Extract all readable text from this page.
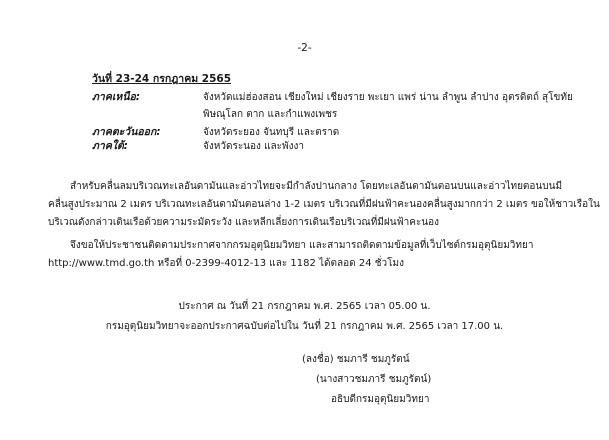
-2-
วันที่ 23-24 กรกฎาคม 2565
ภาคเหนือ:	จังหวัดแม่ฮ่องสอน เชียงใหม่ เชียงราย พะเยา แพร่ น่าน ลำพูน ลำปาง อุตรดิตถ์ สุโขทัย
พิษณุโลก ตาก และกำแพงเพชร
ภาคตะวันออก:	จังหวัดระยอง จันทบุรี และตราด
ภาคใต้:	จังหวัดระนอง และพังงา
สำหรับคลื่นลมบริเวณทะเลอันดามันและอ่าวไทยจะมีกำลังปานกลาง โดยทะเลอันดามันตอนบนและอ่าวไทยตอนบนมี
คลื่นสูงประมาณ 2 เมตร บริเวณทะเลอันดามันตอนล่าง 1-2 เมตร บริเวณที่มีฝนฟ้าคะนองคลื่นสูงมากกว่า 2 เมตร ขอให้ชาวเรือใน
บริเวณดังกล่าวเดินเรือด้วยความระมัดระวัง และหลีกเลี่ยงการเดินเรือบริเวณที่มีฝนฟ้าคะนอง
จึงขอให้ประชาชนติดตามประกาศจากกรมอุตุนิยมวิทยา และสามารถติดตามข้อมูลที่เว็บไซต์กรมอุตุนิยมวิทยา
http://www.tmd.go.th หรือที่ 0-2399-4012-13 และ 1182 ได้ตลอด 24 ชั่วโมง
ประกาศ ณ วันที่ 21 กรกฎาคม พ.ศ. 2565 เวลา 05.00 น.
กรมอุตุนิยมวิทยาจะออกประกาศฉบับต่อไปใน วันที่ 21 กรกฎาคม พ.ศ. 2565 เวลา 17.00 น.
(ลงชื่อ) ชมภารี ชมภูรัตน์
(นางสาวชมภารี ชมภูรัตน์)
อธิบดีกรมอุตุนิยมวิทยา
